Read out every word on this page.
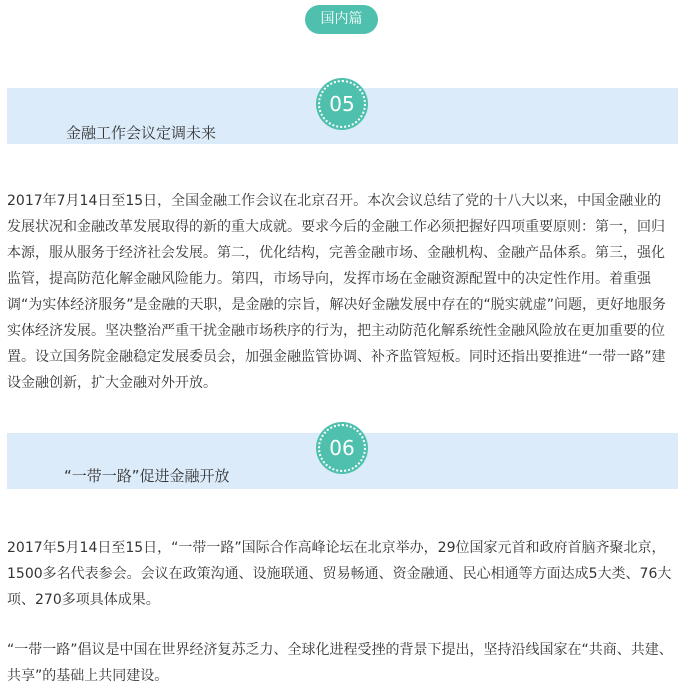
国内篇
05
金融工作会议定调未来

2017年7月14日至15日，全国金融工作会议在北京召开。本次会议总结了党的十八大以来，中国金融业的发展状况和金融改革发展取得的新的重大成就。要求今后的金融工作必须把握好四项重要原则：第一，回归本源，服从服务于经济社会发展。第二，优化结构，完善金融市场、金融机构、金融产品体系。第三，强化监管，提高防范化解金融风险能力。第四，市场导向，发挥市场在金融资源配置中的决定性作用。着重强调“为实体经济服务”是金融的天职，是金融的宗旨，解决好金融发展中存在的“脱实就虚”问题，更好地服务实体经济发展。坚决整治严重干扰金融市场秩序的行为，把主动防范化解系统性金融风险放在更加重要的位置。设立国务院金融稳定发展委员会，加强金融监管协调、补齐监管短板。同时还指出要推进“一带一路”建设金融创新，扩大金融对外开放。

06
“一带一路”促进金融开放

2017年5月14日至15日，“一带一路”国际合作高峰论坛在北京举办，29位国家元首和政府首脑齐聚北京，1500多名代表参会。会议在政策沟通、设施联通、贸易畅通、资金融通、民心相通等方面达成5大类、76大项、270多项具体成果。

“一带一路”倡议是中国在世界经济复苏乏力、全球化进程受挫的背景下提出，坚持沿线国家在“共商、共建、共享”的基础上共同建设。
